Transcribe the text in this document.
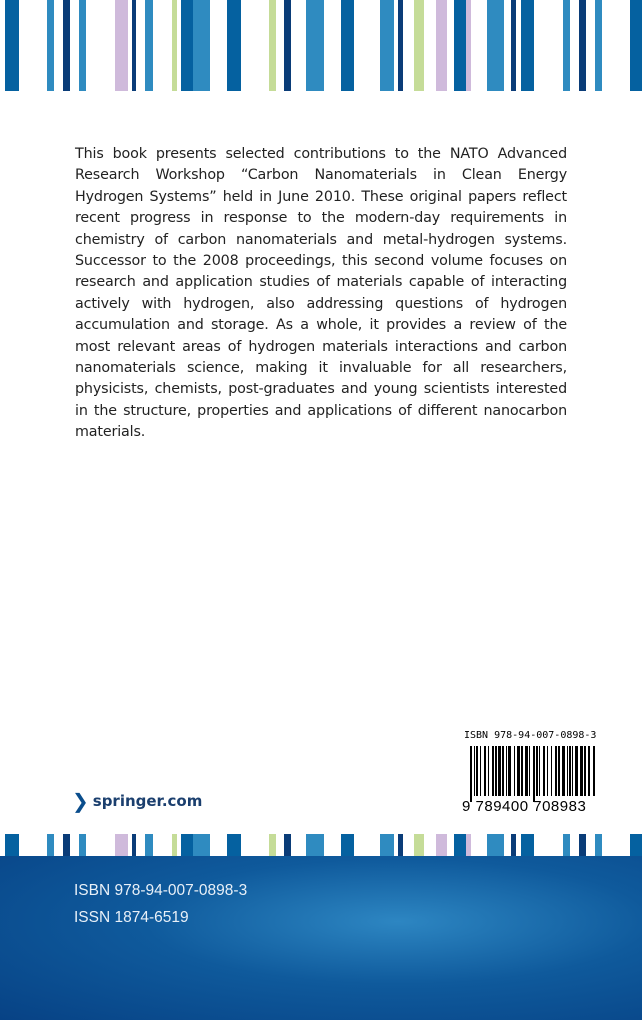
This book presents selected contributions to the NATO Advanced Research Workshop “Carbon Nanomaterials in Clean Energy Hydrogen Systems” held in June 2010. These original papers reflect recent progress in response to the modern-day requirements in chemistry of carbon nanomaterials and metal-hydrogen systems. Successor to the 2008 proceedings, this second volume focuses on research and application studies of materials capable of interacting actively with hydrogen, also addressing questions of hydrogen accumulation and storage. As a whole, it provides a review of the most relevant areas of hydrogen materials interactions and carbon nanomaterials science, making it invaluable for all researchers, physicists, chemists, post-graduates and young scientists interested in the structure, properties and applications of different nanocarbon materials.
ISBN 978-94-007-0898-3
9 789400 708983
❯ springer.com
ISBN 978-94-007-0898-3
ISSN 1874-6519
